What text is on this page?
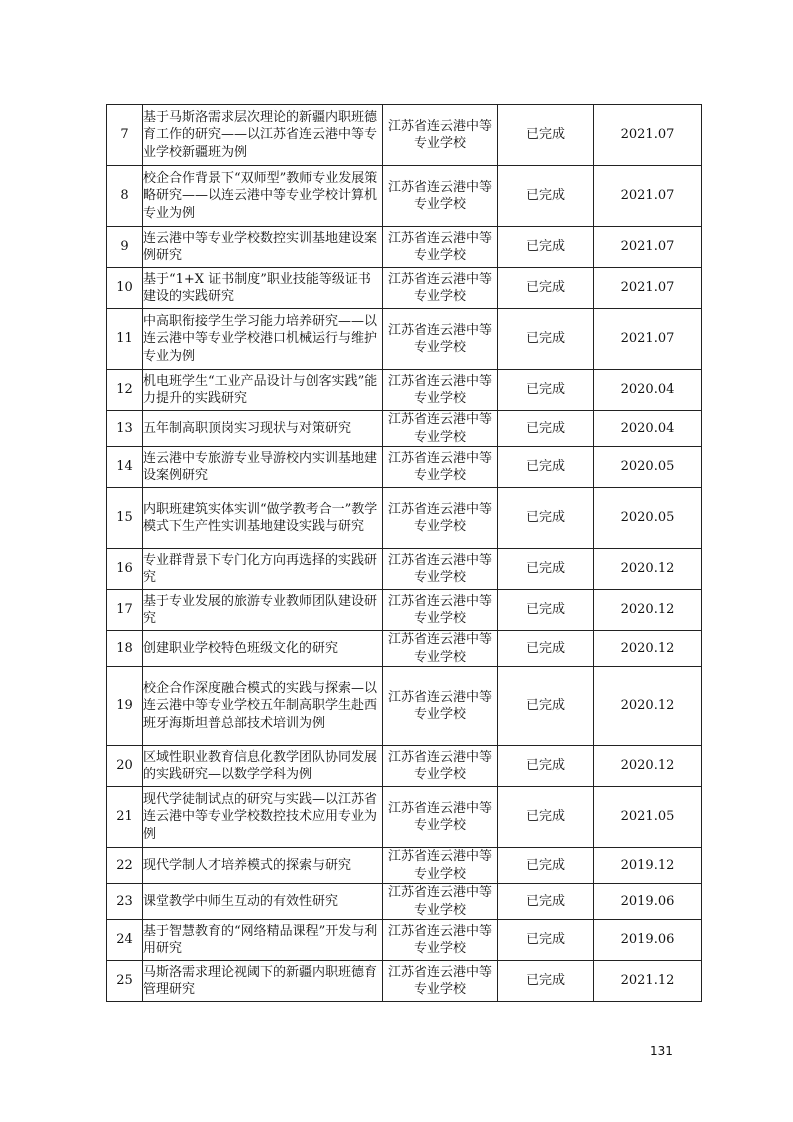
7	基于马斯洛需求层次理论的新疆内职班德育工作的研究——以江苏省连云港中等专业学校新疆班为例	江苏省连云港中等专业学校	已完成	2021.07
8	校企合作背景下“双师型”教师专业发展策略研究——以连云港中等专业学校计算机专业为例	江苏省连云港中等专业学校	已完成	2021.07
9	连云港中等专业学校数控实训基地建设案例研究	江苏省连云港中等专业学校	已完成	2021.07
10	基于“1+X 证书制度”职业技能等级证书建设的实践研究	江苏省连云港中等专业学校	已完成	2021.07
11	中高职衔接学生学习能力培养研究——以连云港中等专业学校港口机械运行与维护专业为例	江苏省连云港中等专业学校	已完成	2021.07
12	机电班学生“工业产品设计与创客实践”能力提升的实践研究	江苏省连云港中等专业学校	已完成	2020.04
13	五年制高职顶岗实习现状与对策研究	江苏省连云港中等专业学校	已完成	2020.04
14	连云港中专旅游专业导游校内实训基地建设案例研究	江苏省连云港中等专业学校	已完成	2020.05
15	内职班建筑实体实训“做学教考合一”教学模式下生产性实训基地建设实践与研究	江苏省连云港中等专业学校	已完成	2020.05
16	专业群背景下专门化方向再选择的实践研究	江苏省连云港中等专业学校	已完成	2020.12
17	基于专业发展的旅游专业教师团队建设研究	江苏省连云港中等专业学校	已完成	2020.12
18	创建职业学校特色班级文化的研究	江苏省连云港中等专业学校	已完成	2020.12
19	校企合作深度融合模式的实践与探索—以连云港中等专业学校五年制高职学生赴西班牙海斯坦普总部技术培训为例	江苏省连云港中等专业学校	已完成	2020.12
20	区域性职业教育信息化教学团队协同发展的实践研究—以数学学科为例	江苏省连云港中等专业学校	已完成	2020.12
21	现代学徒制试点的研究与实践—以江苏省连云港中等专业学校数控技术应用专业为例	江苏省连云港中等专业学校	已完成	2021.05
22	现代学制人才培养模式的探索与研究	江苏省连云港中等专业学校	已完成	2019.12
23	课堂教学中师生互动的有效性研究	江苏省连云港中等专业学校	已完成	2019.06
24	基于智慧教育的“网络精品课程”开发与利用研究	江苏省连云港中等专业学校	已完成	2019.06
25	马斯洛需求理论视阈下的新疆内职班德育管理研究	江苏省连云港中等专业学校	已完成	2021.12
131
